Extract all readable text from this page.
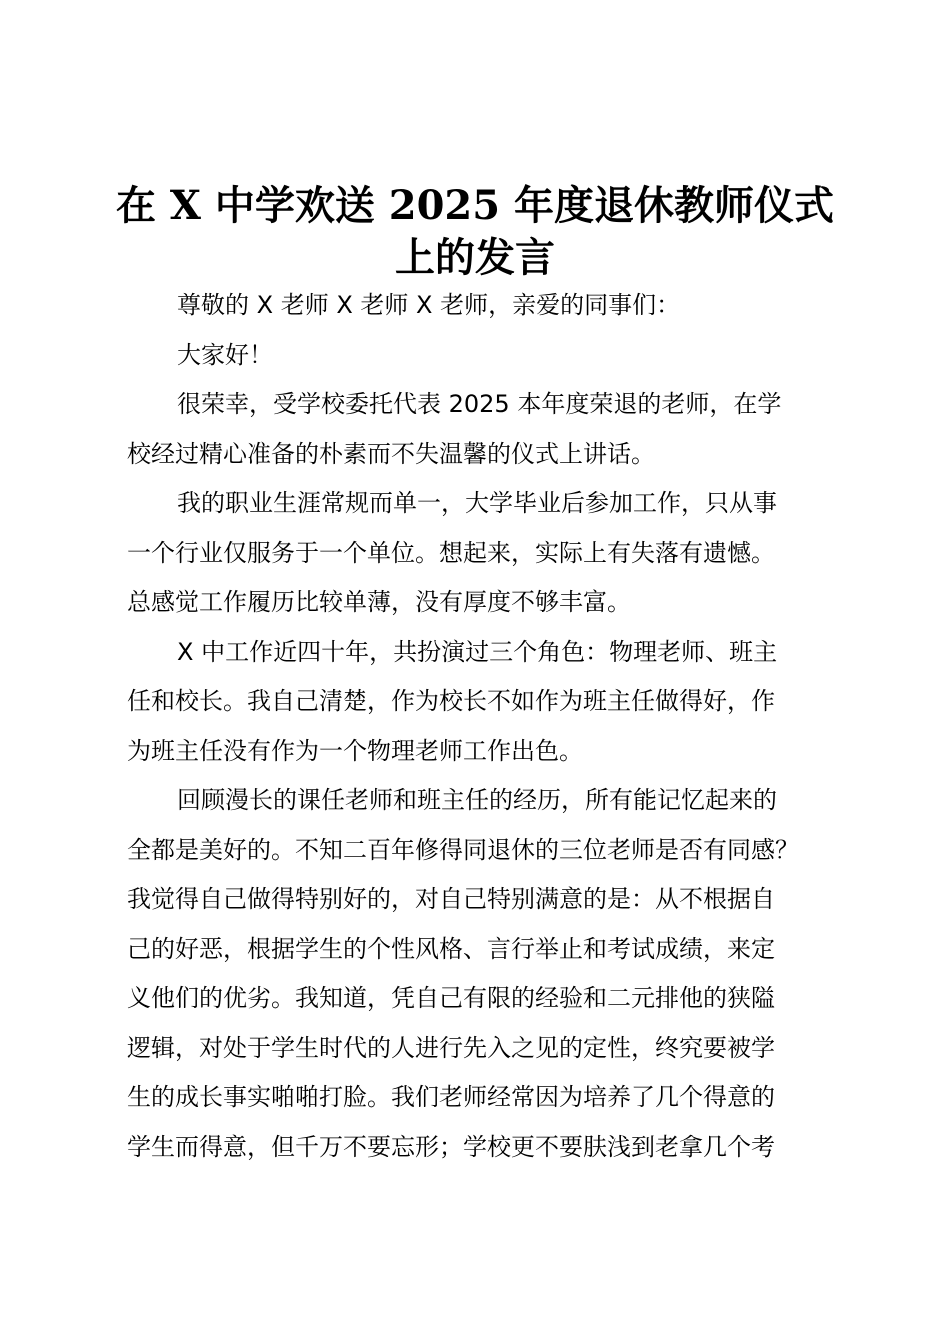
在 X 中学欢送 2025 年度退休教师仪式
上的发言

尊敬的 X 老师 X 老师 X 老师，亲爱的同事们：

大家好！

很荣幸，受学校委托代表 2025 本年度荣退的老师，在学
校经过精心准备的朴素而不失温馨的仪式上讲话。

我的职业生涯常规而单一，大学毕业后参加工作，只从事
一个行业仅服务于一个单位。想起来，实际上有失落有遗憾。
总感觉工作履历比较单薄，没有厚度不够丰富。

X 中工作近四十年，共扮演过三个角色：物理老师、班主
任和校长。我自己清楚，作为校长不如作为班主任做得好，作
为班主任没有作为一个物理老师工作出色。

回顾漫长的课任老师和班主任的经历，所有能记忆起来的
全都是美好的。不知二百年修得同退休的三位老师是否有同感？
我觉得自己做得特别好的，对自己特别满意的是：从不根据自
己的好恶，根据学生的个性风格、言行举止和考试成绩，来定
义他们的优劣。我知道，凭自己有限的经验和二元排他的狭隘
逻辑，对处于学生时代的人进行先入之见的定性，终究要被学
生的成长事实啪啪打脸。我们老师经常因为培养了几个得意的
学生而得意，但千万不要忘形；学校更不要肤浅到老拿几个考
